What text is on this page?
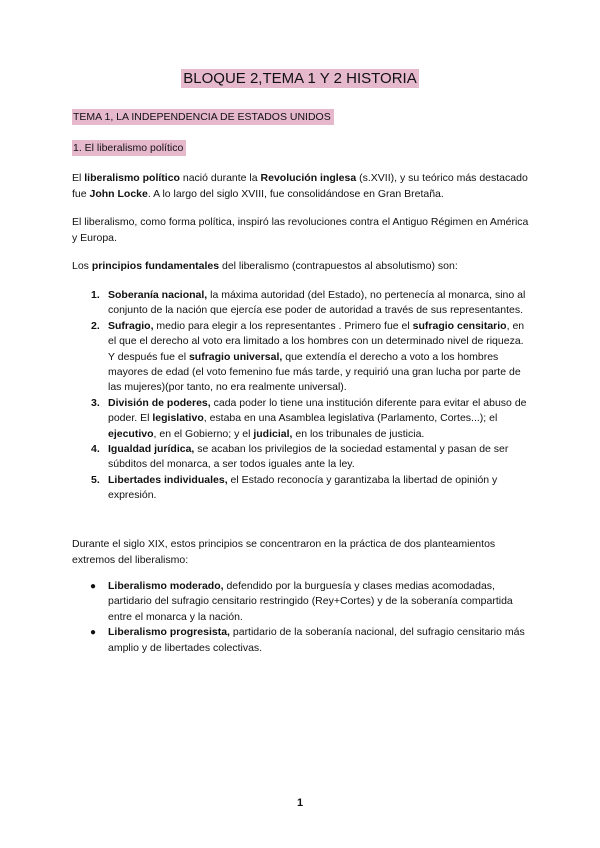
BLOQUE 2,TEMA 1 Y 2 HISTORIA
TEMA 1, LA INDEPENDENCIA DE ESTADOS UNIDOS
1. El liberalismo político

El liberalismo político nació durante la Revolución inglesa (s.XVII), y su teórico más destacado fue John Locke. A lo largo del siglo XVIII, fue consolidándose en Gran Bretaña.

El liberalismo, como forma política, inspiró las revoluciones contra el Antiguo Régimen en América y Europa.

Los principios fundamentales del liberalismo (contrapuestos al absolutismo) son:

1. Soberanía nacional, la máxima autoridad (del Estado), no pertenecía al monarca, sino al conjunto de la nación que ejercía ese poder de autoridad a través de sus representantes.
2. Sufragio, medio para elegir a los representantes . Primero fue el sufragio censitario, en el que el derecho al voto era limitado a los hombres con un determinado nivel de riqueza. Y después fue el sufragio universal, que extendía el derecho a voto a los hombres mayores de edad (el voto femenino fue más tarde, y requirió una gran lucha por parte de las mujeres)(por tanto, no era realmente universal).
3. División de poderes, cada poder lo tiene una institución diferente para evitar el abuso de poder. El legislativo, estaba en una Asamblea legislativa (Parlamento, Cortes...); el ejecutivo, en el Gobierno; y el judicial, en los tribunales de justicia.
4. Igualdad jurídica, se acaban los privilegios de la sociedad estamental y pasan de ser súbditos del monarca, a ser todos iguales ante la ley.
5. Libertades individuales, el Estado reconocía y garantizaba la libertad de opinión y expresión.

Durante el siglo XIX, estos principios se concentraron en la práctica de dos planteamientos extremos del liberalismo:

● Liberalismo moderado, defendido por la burguesía y clases medias acomodadas, partidario del sufragio censitario restringido (Rey+Cortes) y de la soberanía compartida entre el monarca y la nación.
● Liberalismo progresista, partidario de la soberanía nacional, del sufragio censitario más amplio y de libertades colectivas.
1
